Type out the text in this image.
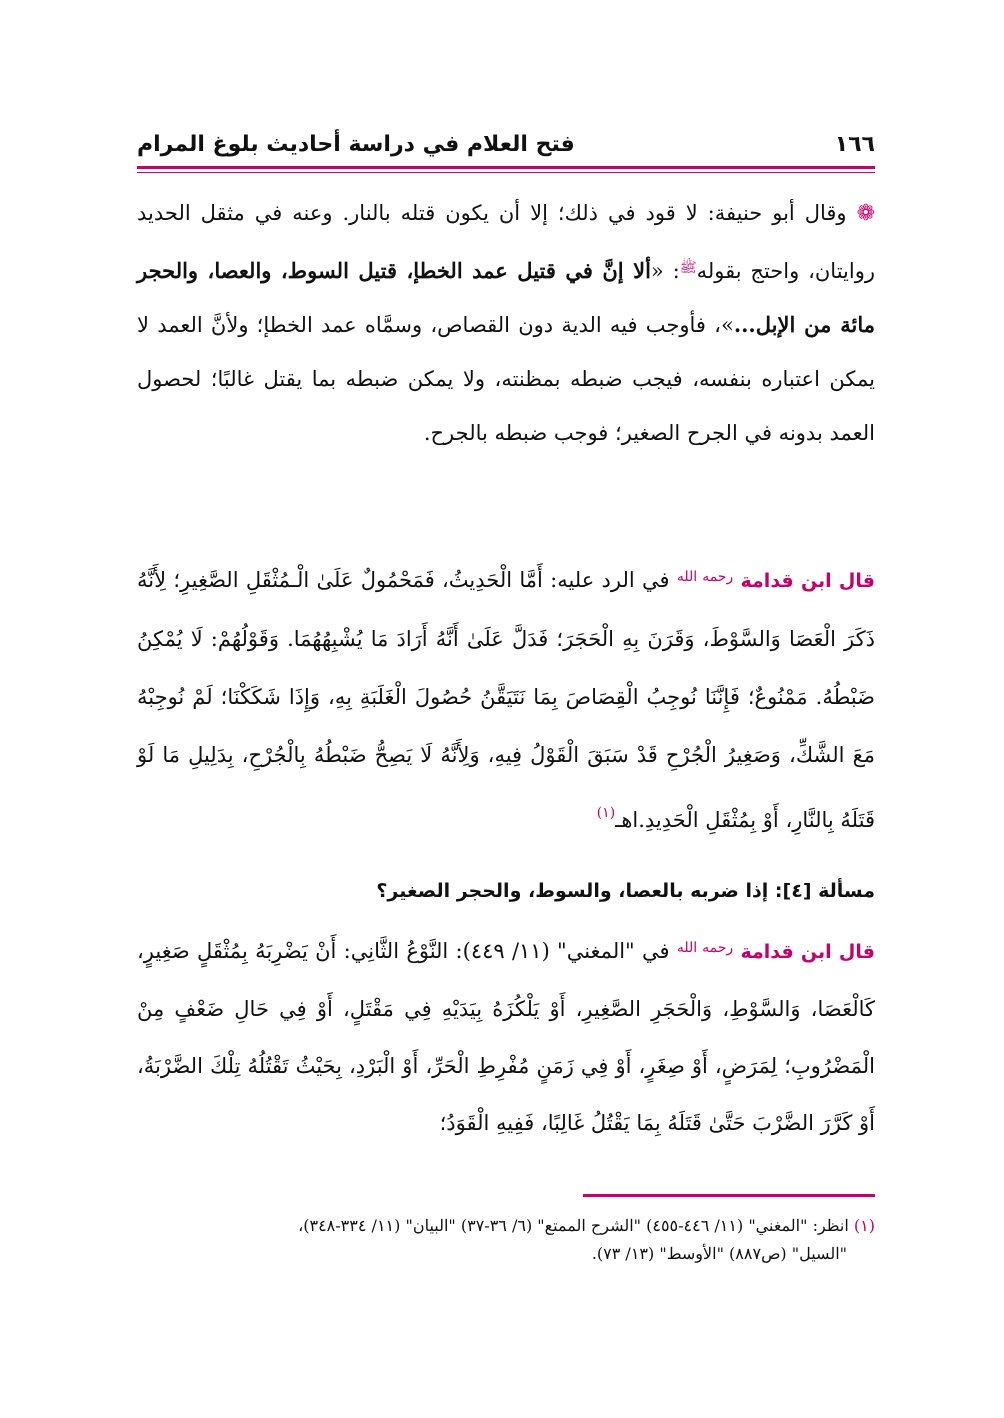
١٦٦
فتح العلام في دراسة أحاديث بلوغ المرام
❁ وقال أبو حنيفة: لا قود في ذلك؛ إلا أن يكون قتله بالنار. وعنه في مثقل الحديد روايتان، واحتج بقوله$^ﷺ$: «ألا إنَّ في قتيل عمد الخطإ، قتيل السوط، والعصا، والحجر مائة من الإبل...»، فأوجب فيه الدية دون القصاص، وسمَّاه عمد الخطإ؛ ولأنَّ العمد لا يمكن اعتباره بنفسه، فيجب ضبطه بمظنته، ولا يمكن ضبطه بما يقتل غالبًا؛ لحصول العمد بدونه في الجرح الصغير؛ فوجب ضبطه بالجرح.
قال ابن قدامة $^{رحمه الله}$ في الرد عليه: أَمَّا الْحَدِيثُ، فَمَحْمُولٌ عَلَىٰ الْـمُثْقَلِ الصَّغِيرِ؛ لِأَنَّهُ ذَكَرَ الْعَصَا وَالسَّوْطَ، وَقَرَنَ بِهِ الْحَجَرَ؛ فَدَلَّ عَلَىٰ أَنَّهُ أَرَادَ مَا يُشْبِهُهُمَا. وَقَوْلُهُمْ: لَا يُمْكِنُ ضَبْطُهُ. مَمْنُوعٌ؛ فَإِنَّنَا نُوجِبُ الْقِصَاصَ بِمَا نَتَيَقَّنُ حُصُولَ الْغَلَبَةِ بِهِ، وَإِذَا شَكَكْنَا؛ لَمْ نُوجِبْهُ مَعَ الشَّكِّ، وَصَغِيرُ الْجُرْحِ قَدْ سَبَقَ الْقَوْلُ فِيهِ، وَلِأَنَّهُ لَا يَصِحُّ ضَبْطُهُ بِالْجُرْحِ، بِدَلِيلِ مَا لَوْ قَتَلَهُ بِالنَّارِ، أَوْ بِمُثْقَلِ الْحَدِيدِ.اهـ$^{(١)}$
مسألة [٤]: إذا ضربه بالعصا، والسوط، والحجر الصغير؟
قال ابن قدامة $^{رحمه الله}$ في "المغني" (١١/ ٤٤٩): النَّوْعُ الثَّانِي: أَنْ يَضْرِبَهُ بِمُثْقَلٍ صَغِيرٍ، كَالْعَصَا، وَالسَّوْطِ، وَالْحَجَرِ الصَّغِيرِ، أَوْ يَلْكُزَهُ بِيَدَيْهِ فِي مَقْتَلٍ، أَوْ فِي حَالِ ضَعْفٍ مِنْ الْمَضْرُوبِ؛ لِمَرَضٍ، أَوْ صِغَرٍ، أَوْ فِي زَمَنٍ مُفْرِطِ الْحَرِّ، أَوْ الْبَرْدِ، بِحَيْثُ تَقْتُلُهُ تِلْكَ الضَّرْبَةُ، أَوْ كَرَّرَ الضَّرْبَ حَتَّىٰ قَتَلَهُ بِمَا يَقْتُلُ غَالِبًا، فَفِيهِ الْقَوَدُ؛
(١) انظر: "المغني" (١١/ ٤٤٦-٤٥٥) "الشرح الممتع" (٦/ ٣٦-٣٧) "البيان" (١١/ ٣٣٤-٣٤٨)،
"السيل" (ص٨٨٧) "الأوسط" (١٣/ ٧٣).
